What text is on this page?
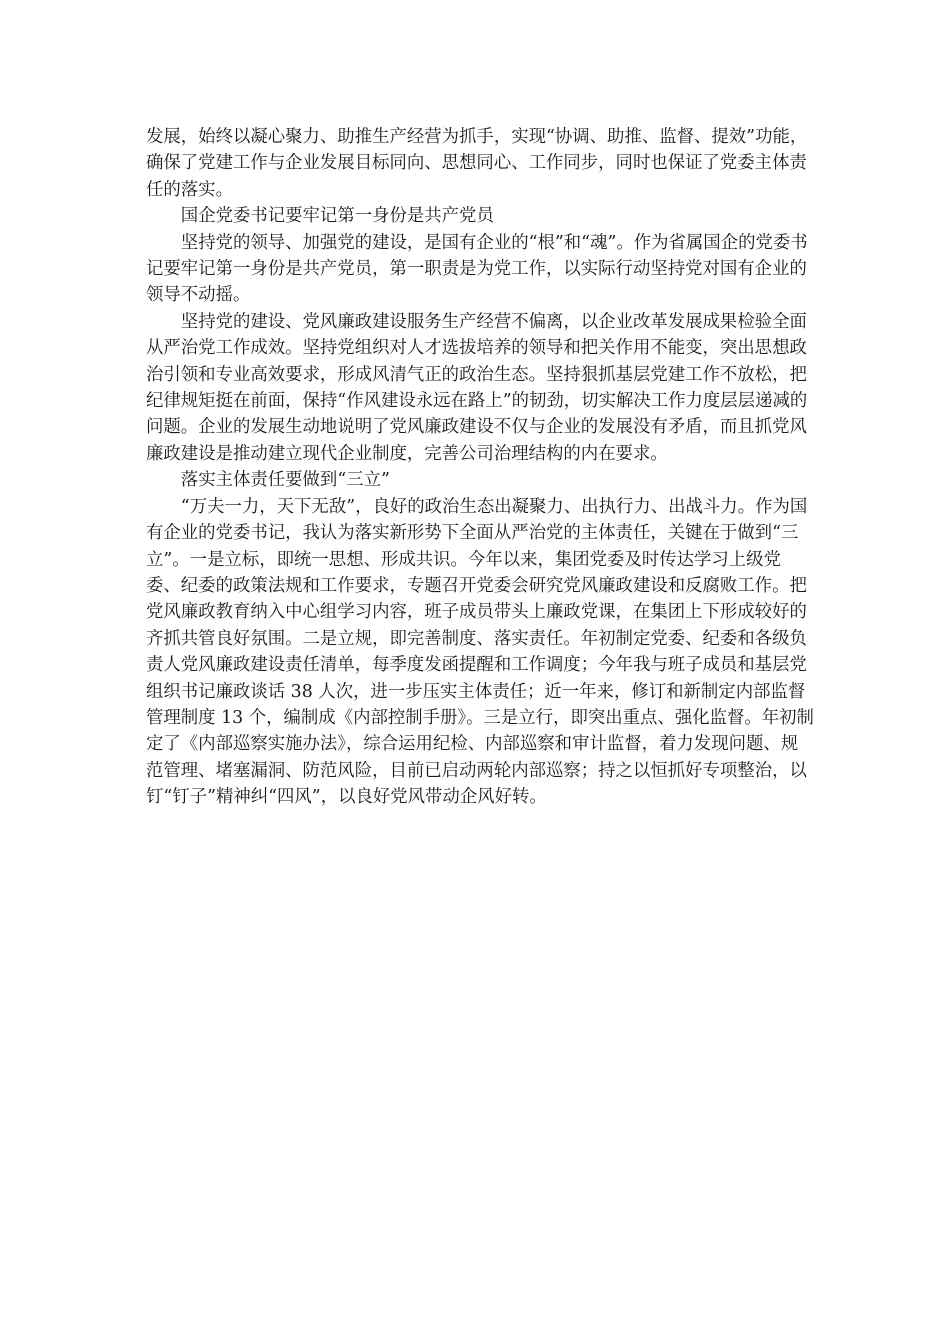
发展，始终以凝心聚力、助推生产经营为抓手，实现“协调、助推、监督、提效”功能，确保了党建工作与企业发展目标同向、思想同心、工作同步，同时也保证了党委主体责任的落实。

国企党委书记要牢记第一身份是共产党员

坚持党的领导、加强党的建设，是国有企业的“根”和“魂”。作为省属国企的党委书记要牢记第一身份是共产党员，第一职责是为党工作，以实际行动坚持党对国有企业的领导不动摇。

坚持党的建设、党风廉政建设服务生产经营不偏离，以企业改革发展成果检验全面从严治党工作成效。坚持党组织对人才选拔培养的领导和把关作用不能变，突出思想政治引领和专业高效要求，形成风清气正的政治生态。坚持狠抓基层党建工作不放松，把纪律规矩挺在前面，保持“作风建设永远在路上”的韧劲，切实解决工作力度层层递减的问题。企业的发展生动地说明了党风廉政建设不仅与企业的发展没有矛盾，而且抓党风廉政建设是推动建立现代企业制度，完善公司治理结构的内在要求。

落实主体责任要做到“三立”

“万夫一力，天下无敌”，良好的政治生态出凝聚力、出执行力、出战斗力。作为国有企业的党委书记，我认为落实新形势下全面从严治党的主体责任，关键在于做到“三立”。一是立标，即统一思想、形成共识。今年以来，集团党委及时传达学习上级党委、纪委的政策法规和工作要求，专题召开党委会研究党风廉政建设和反腐败工作。把党风廉政教育纳入中心组学习内容，班子成员带头上廉政党课，在集团上下形成较好的齐抓共管良好氛围。二是立规，即完善制度、落实责任。年初制定党委、纪委和各级负责人党风廉政建设责任清单，每季度发函提醒和工作调度；今年我与班子成员和基层党组织书记廉政谈话 38 人次，进一步压实主体责任；近一年来，修订和新制定内部监督管理制度 13 个，编制成《内部控制手册》。三是立行，即突出重点、强化监督。年初制定了《内部巡察实施办法》，综合运用纪检、内部巡察和审计监督，着力发现问题、规范管理、堵塞漏洞、防范风险，目前已启动两轮内部巡察；持之以恒抓好专项整治，以钉“钉子”精神纠“四风”，以良好党风带动企风好转。
